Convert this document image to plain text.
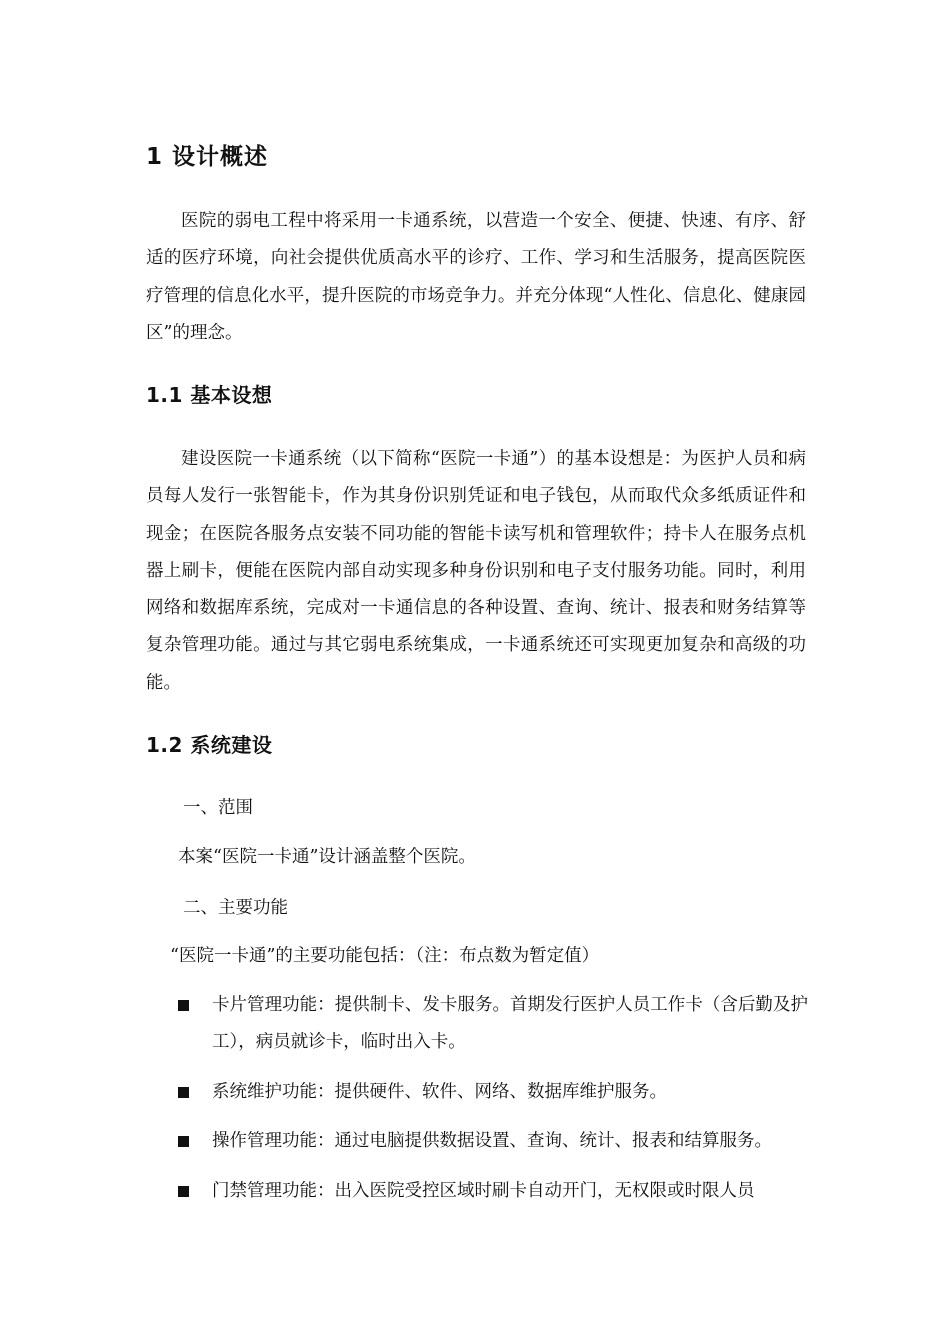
1 设计概述

医院的弱电工程中将采用一卡通系统，以营造一个安全、便捷、快速、有序、舒适的医疗环境，向社会提供优质高水平的诊疗、工作、学习和生活服务，提高医院医疗管理的信息化水平，提升医院的市场竞争力。并充分体现“人性化、信息化、健康园区”的理念。

1.1 基本设想

建设医院一卡通系统（以下简称“医院一卡通”）的基本设想是：为医护人员和病员每人发行一张智能卡，作为其身份识别凭证和电子钱包，从而取代众多纸质证件和现金；在医院各服务点安装不同功能的智能卡读写机和管理软件；持卡人在服务点机器上刷卡，便能在医院内部自动实现多种身份识别和电子支付服务功能。同时，利用网络和数据库系统，完成对一卡通信息的各种设置、查询、统计、报表和财务结算等复杂管理功能。通过与其它弱电系统集成，一卡通系统还可实现更加复杂和高级的功能。

1.2 系统建设

一、范围

本案“医院一卡通”设计涵盖整个医院。

二、主要功能

“医院一卡通”的主要功能包括：（注：布点数为暂定值）

卡片管理功能：提供制卡、发卡服务。首期发行医护人员工作卡（含后勤及护工），病员就诊卡，临时出入卡。
系统维护功能：提供硬件、软件、网络、数据库维护服务。
操作管理功能：通过电脑提供数据设置、查询、统计、报表和结算服务。
门禁管理功能：出入医院受控区域时刷卡自动开门，无权限或时限人员
